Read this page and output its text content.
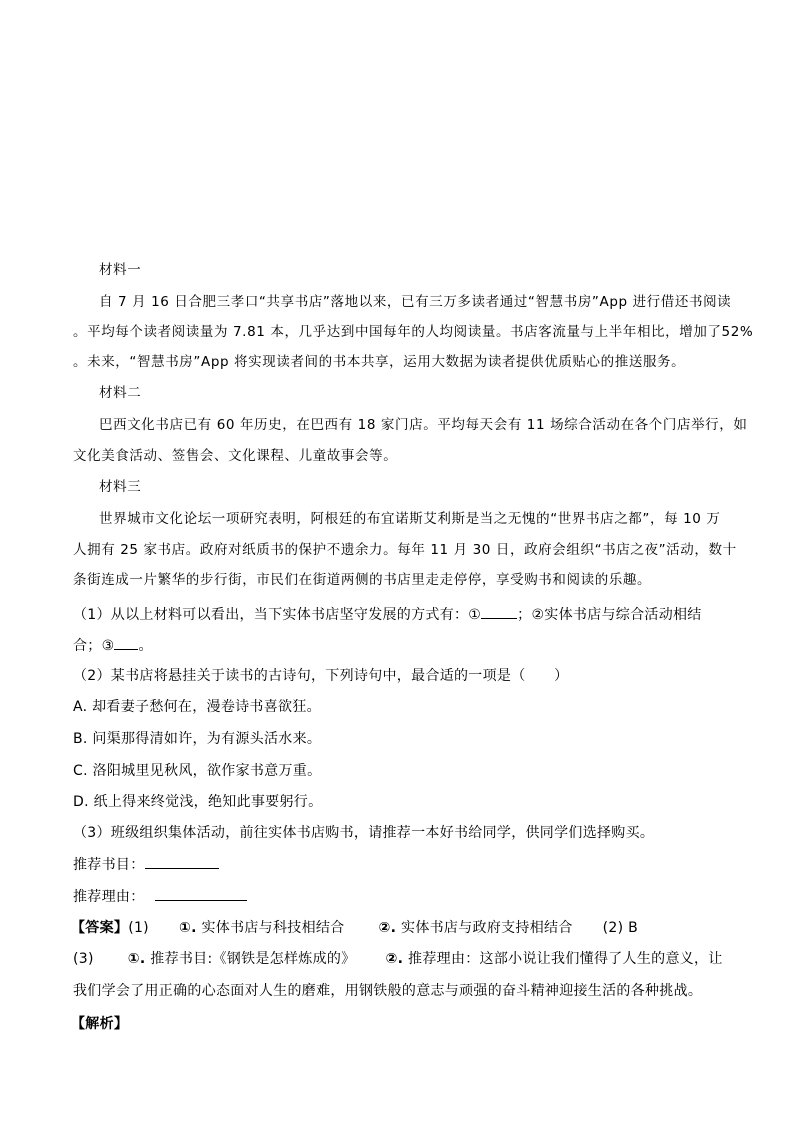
材料一
自 7 月 16 日合肥三孝口“共享书店”落地以来，已有三万多读者通过“智慧书房”App 进行借还书阅读
。平均每个读者阅读量为 7.81 本，几乎达到中国每年的人均阅读量。书店客流量与上半年相比，增加了52%
。未来，“智慧书房”App 将实现读者间的书本共享，运用大数据为读者提供优质贴心的推送服务。
材料二
巴西文化书店已有 60 年历史，在巴西有 18 家门店。平均每天会有 11 场综合活动在各个门店举行，如
文化美食活动、签售会、文化课程、儿童故事会等。
材料三
世界城市文化论坛一项研究表明，阿根廷的布宜诺斯艾利斯是当之无愧的“世界书店之都”，每 10 万
人拥有 25 家书店。政府对纸质书的保护不遗余力。每年 11 月 30 日，政府会组织“书店之夜”活动，数十
条街连成一片繁华的步行街，市民们在街道两侧的书店里走走停停，享受购书和阅读的乐趣。
（1）从以上材料可以看出，当下实体书店坚守发展的方式有：①	；②实体书店与综合活动相结
合；③ 。
（2）某书店将悬挂关于读书的古诗句，下列诗句中，最合适的一项是（　　）
A. 却看妻子愁何在，漫卷诗书喜欲狂。
B. 问渠那得清如许，为有源头活水来。
C. 洛阳城里见秋风，欲作家书意万重。
D. 纸上得来终觉浅，绝知此事要躬行。
（3）班级组织集体活动，前往实体书店购书，请推荐一本好书给同学，供同学们选择购买。
推荐书目：
推荐理由：
【答案】(1) ①. 实体书店与科技相结合 ②. 实体书店与政府支持相结合 (2) B
(3) ①. 推荐书目:《钢铁是怎样炼成的》 ②. 推荐理由：这部小说让我们懂得了人生的意义，让
我们学会了用正确的心态面对人生的磨难，用钢铁般的意志与顽强的奋斗精神迎接生活的各种挑战。
【解析】
